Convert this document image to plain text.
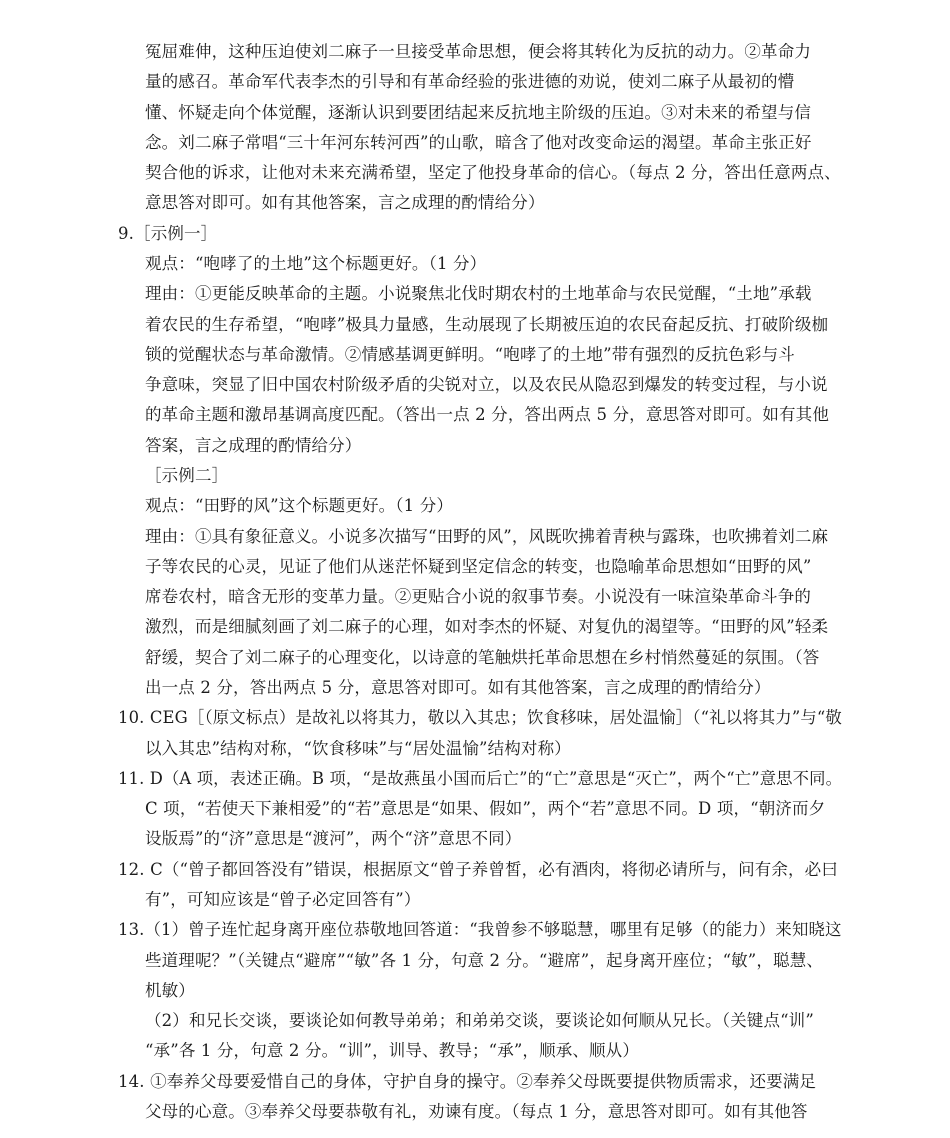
冤屈难伸，这种压迫使刘二麻子一旦接受革命思想，便会将其转化为反抗的动力。②革命力
量的感召。革命军代表李杰的引导和有革命经验的张进德的劝说，使刘二麻子从最初的懵
懂、怀疑走向个体觉醒，逐渐认识到要团结起来反抗地主阶级的压迫。③对未来的希望与信
念。刘二麻子常唱“三十年河东转河西”的山歌，暗含了他对改变命运的渴望。革命主张正好
契合他的诉求，让他对未来充满希望，坚定了他投身革命的信心。（每点 2 分，答出任意两点、
意思答对即可。如有其他答案，言之成理的酌情给分）
9.［示例一］
观点：“咆哮了的土地”这个标题更好。（1 分）
理由：①更能反映革命的主题。小说聚焦北伐时期农村的土地革命与农民觉醒，“土地”承载
着农民的生存希望，“咆哮”极具力量感，生动展现了长期被压迫的农民奋起反抗、打破阶级枷
锁的觉醒状态与革命激情。②情感基调更鲜明。“咆哮了的土地”带有强烈的反抗色彩与斗
争意味，突显了旧中国农村阶级矛盾的尖锐对立，以及农民从隐忍到爆发的转变过程，与小说
的革命主题和激昂基调高度匹配。（答出一点 2 分，答出两点 5 分，意思答对即可。如有其他
答案，言之成理的酌情给分）
［示例二］
观点：“田野的风”这个标题更好。（1 分）
理由：①具有象征意义。小说多次描写“田野的风”，风既吹拂着青秧与露珠，也吹拂着刘二麻
子等农民的心灵，见证了他们从迷茫怀疑到坚定信念的转变，也隐喻革命思想如“田野的风”
席卷农村，暗含无形的变革力量。②更贴合小说的叙事节奏。小说没有一味渲染革命斗争的
激烈，而是细腻刻画了刘二麻子的心理，如对李杰的怀疑、对复仇的渴望等。“田野的风”轻柔
舒缓，契合了刘二麻子的心理变化，以诗意的笔触烘托革命思想在乡村悄然蔓延的氛围。（答
出一点 2 分，答出两点 5 分，意思答对即可。如有其他答案，言之成理的酌情给分）
10. CEG［（原文标点）是故礼以将其力，敬以入其忠；饮食移味，居处温愉］（“礼以将其力”与“敬
以入其忠”结构对称，“饮食移味”与“居处温愉”结构对称）
11. D（A 项，表述正确。B 项，“是故燕虽小国而后亡”的“亡”意思是“灭亡”，两个“亡”意思不同。
C 项，“若使天下兼相爱”的“若”意思是“如果、假如”，两个“若”意思不同。D 项，“朝济而夕
设版焉”的“济”意思是“渡河”，两个“济”意思不同）
12. C（“曾子都回答没有”错误，根据原文“曾子养曾皙，必有酒肉，将彻必请所与，问有余，必曰
有”，可知应该是“曾子必定回答有”）
13.（1）曾子连忙起身离开座位恭敬地回答道：“我曾参不够聪慧，哪里有足够（的能力）来知晓这
些道理呢？”（关键点“避席”“敏”各 1 分，句意 2 分。“避席”，起身离开座位；“敏”，聪慧、
机敏）
（2）和兄长交谈，要谈论如何教导弟弟；和弟弟交谈，要谈论如何顺从兄长。（关键点“训”
“承”各 1 分，句意 2 分。“训”，训导、教导；“承”，顺承、顺从）
14. ①奉养父母要爱惜自己的身体，守护自身的操守。②奉养父母既要提供物质需求，还要满足
父母的心意。③奉养父母要恭敬有礼，劝谏有度。（每点 1 分，意思答对即可。如有其他答
